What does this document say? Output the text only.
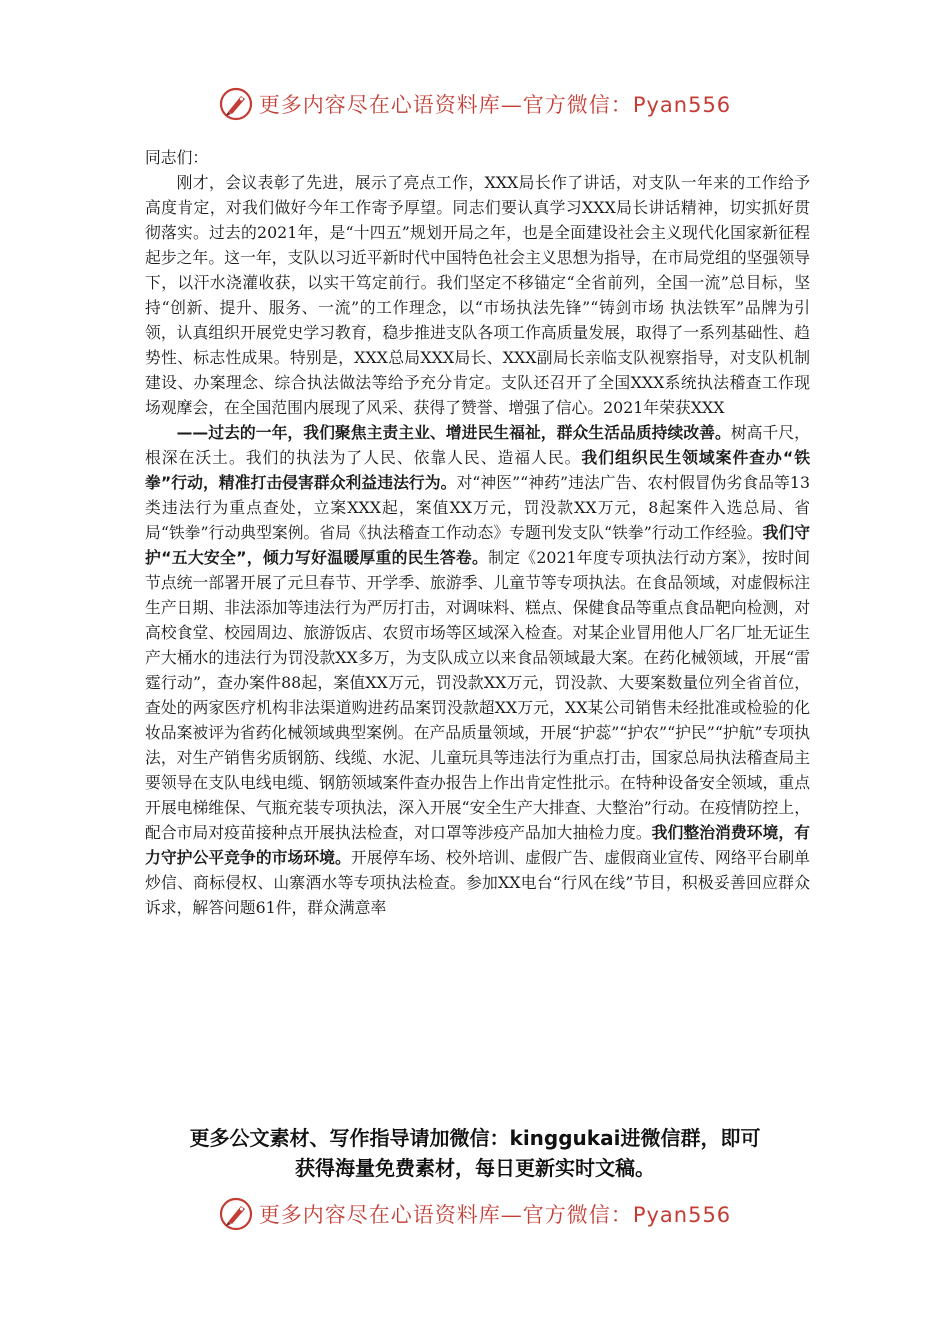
更多内容尽在心语资料库—官方微信：Pyan556

同志们：

刚才，会议表彰了先进，展示了亮点工作，XXX局长作了讲话，对支队一年来的工作给予高度肯定，对我们做好今年工作寄予厚望。同志们要认真学习XXX局长讲话精神，切实抓好贯彻落实。过去的2021年，是“十四五”规划开局之年，也是全面建设社会主义现代化国家新征程起步之年。这一年，支队以习近平新时代中国特色社会主义思想为指导，在市局党组的坚强领导下，以汗水浇灌收获，以实干笃定前行。我们坚定不移锚定“全省前列，全国一流”总目标，坚持“创新、提升、服务、一流”的工作理念，以“市场执法先锋”“铸剑市场 执法铁军”品牌为引领，认真组织开展党史学习教育，稳步推进支队各项工作高质量发展，取得了一系列基础性、趋势性、标志性成果。特别是，XXX总局XXX局长、XXX副局长亲临支队视察指导，对支队机制建设、办案理念、综合执法做法等给予充分肯定。支队还召开了全国XXX系统执法稽查工作现场观摩会，在全国范围内展现了风采、获得了赞誉、增强了信心。2021年荣获XXX

——过去的一年，我们聚焦主责主业、增进民生福祉，群众生活品质持续改善。树高千尺，根深在沃土。我们的执法为了人民、依靠人民、造福人民。我们组织民生领域案件查办“铁拳”行动，精准打击侵害群众利益违法行为。对“神医”“神药”违法广告、农村假冒伪劣食品等13类违法行为重点查处，立案XXX起，案值XX万元，罚没款XX万元，8起案件入选总局、省局“铁拳”行动典型案例。省局《执法稽查工作动态》专题刊发支队“铁拳”行动工作经验。我们守护“五大安全”，倾力写好温暖厚重的民生答卷。制定《2021年度专项执法行动方案》，按时间节点统一部署开展了元旦春节、开学季、旅游季、儿童节等专项执法。在食品领域，对虚假标注生产日期、非法添加等违法行为严厉打击，对调味料、糕点、保健食品等重点食品靶向检测，对高校食堂、校园周边、旅游饭店、农贸市场等区域深入检查。对某企业冒用他人厂名厂址无证生产大桶水的违法行为罚没款XX多万，为支队成立以来食品领域最大案。在药化械领域，开展“雷霆行动”，查办案件88起，案值XX万元，罚没款XX万元，罚没款、大要案数量位列全省首位，查处的两家医疗机构非法渠道购进药品案罚没款超XX万元，XX某公司销售未经批准或检验的化妆品案被评为省药化械领域典型案例。在产品质量领域，开展“护蕊”“护农”“护民”“护航”专项执法，对生产销售劣质钢筋、线缆、水泥、儿童玩具等违法行为重点打击，国家总局执法稽查局主要领导在支队电线电缆、钢筋领域案件查办报告上作出肯定性批示。在特种设备安全领域，重点开展电梯维保、气瓶充装专项执法，深入开展“安全生产大排查、大整治”行动。在疫情防控上，配合市局对疫苗接种点开展执法检查，对口罩等涉疫产品加大抽检力度。我们整治消费环境，有力守护公平竞争的市场环境。开展停车场、校外培训、虚假广告、虚假商业宣传、网络平台刷单炒信、商标侵权、山寨酒水等专项执法检查。参加XX电台“行风在线”节目，积极妥善回应群众诉求，解答问题61件，群众满意率

更多公文素材、写作指导请加微信：kinggukai进微信群，即可
获得海量免费素材，每日更新实时文稿。
更多内容尽在心语资料库—官方微信：Pyan556
